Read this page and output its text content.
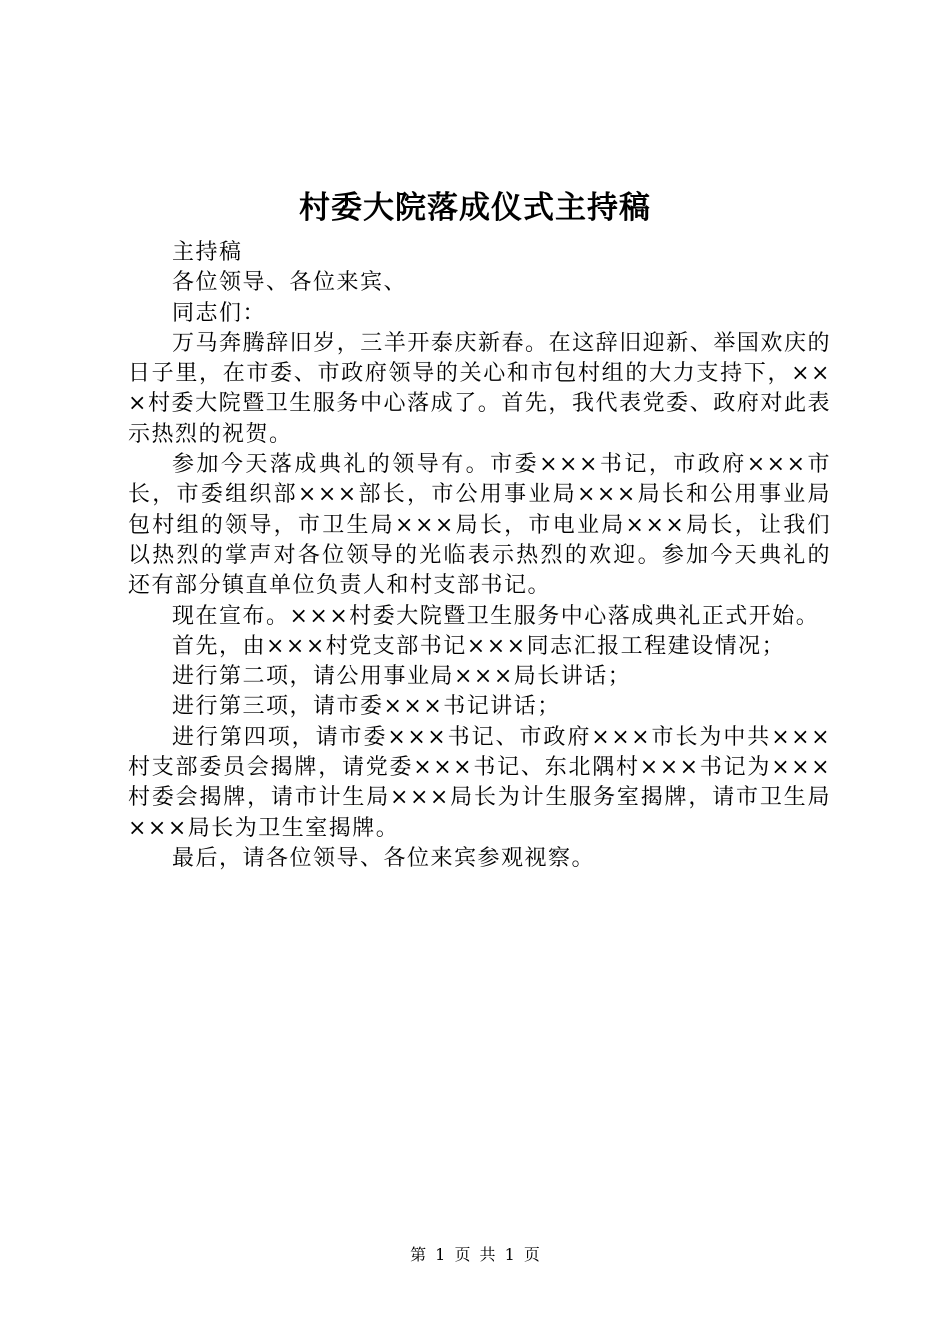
村委大院落成仪式主持稿

主持稿

各位领导、各位来宾、

同志们：

万马奔腾辞旧岁，三羊开泰庆新春。在这辞旧迎新、举国欢庆的日子里，在市委、市政府领导的关心和市包村组的大力支持下，×××村委大院暨卫生服务中心落成了。首先，我代表党委、政府对此表示热烈的祝贺。

参加今天落成典礼的领导有。市委×××书记，市政府×××市长，市委组织部×××部长，市公用事业局×××局长和公用事业局包村组的领导，市卫生局×××局长，市电业局×××局长，让我们以热烈的掌声对各位领导的光临表示热烈的欢迎。参加今天典礼的还有部分镇直单位负责人和村支部书记。

现在宣布。×××村委大院暨卫生服务中心落成典礼正式开始。

首先，由×××村党支部书记×××同志汇报工程建设情况；

进行第二项，请公用事业局×××局长讲话；

进行第三项，请市委×××书记讲话；

进行第四项，请市委×××书记、市政府×××市长为中共×××村支部委员会揭牌，请党委×××书记、东北隅村×××书记为×××村委会揭牌，请市计生局×××局长为计生服务室揭牌，请市卫生局×××局长为卫生室揭牌。

最后，请各位领导、各位来宾参观视察。

第 1 页 共 1 页
